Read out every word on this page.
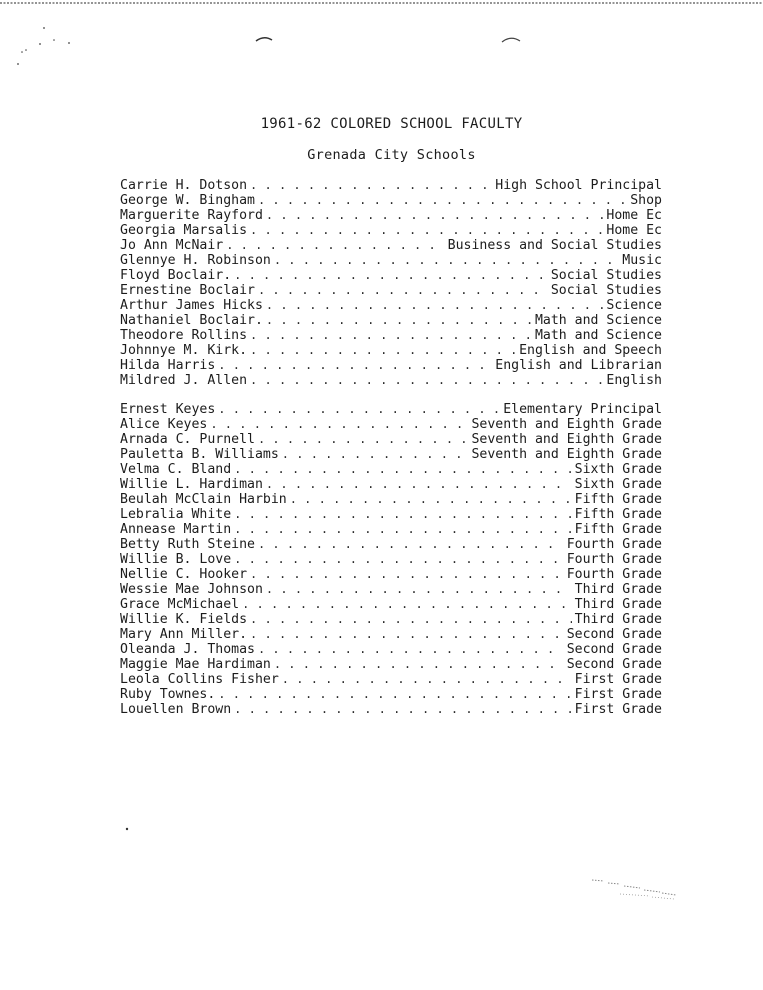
1961-62 COLORED SCHOOL FACULTY
Grenada City Schools
Carrie H. Dotson . . .	High School Principal
George W. Bingham . . .	Shop
Marguerite Rayford . . .	Home Ec
Georgia Marsalis . . .	Home Ec
Jo Ann McNair . . .	Business and Social Studies
Glennye H. Robinson . . .	Music
Floyd Boclair. . . .	Social Studies
Ernestine Boclair . . .	Social Studies
Arthur James Hicks . . .	Science
Nathaniel Boclair. . . .	Math and Science
Theodore Rollins . . .	Math and Science
Johnnye M. Kirk. . . .	English and Speech
Hilda Harris . . .	English and Librarian
Mildred J. Allen . . .	English
Ernest Keyes . . .	Elementary Principal
Alice Keyes . . .	Seventh and Eighth Grade
Arnada C. Purnell . . .	Seventh and Eighth Grade
Pauletta B. Williams . . .	Seventh and Eighth Grade
Velma C. Bland . . .	Sixth Grade
Willie L. Hardiman . . .	Sixth Grade
Beulah McClain Harbin . . .	Fifth Grade
Lebralia White . . .	Fifth Grade
Annease Martin . . .	Fifth Grade
Betty Ruth Steine . . .	Fourth Grade
Willie B. Love . . .	Fourth Grade
Nellie C. Hooker . . .	Fourth Grade
Wessie Mae Johnson . . .	Third Grade
Grace McMichael . . .	Third Grade
Willie K. Fields . . .	Third Grade
Mary Ann Miller. . . .	Second Grade
Oleanda J. Thomas . . .	Second Grade
Maggie Mae Hardiman . . .	Second Grade
Leola Collins Fisher . . .	First Grade
Ruby Townes. . . .	First Grade
Louellen Brown . . .	First Grade
